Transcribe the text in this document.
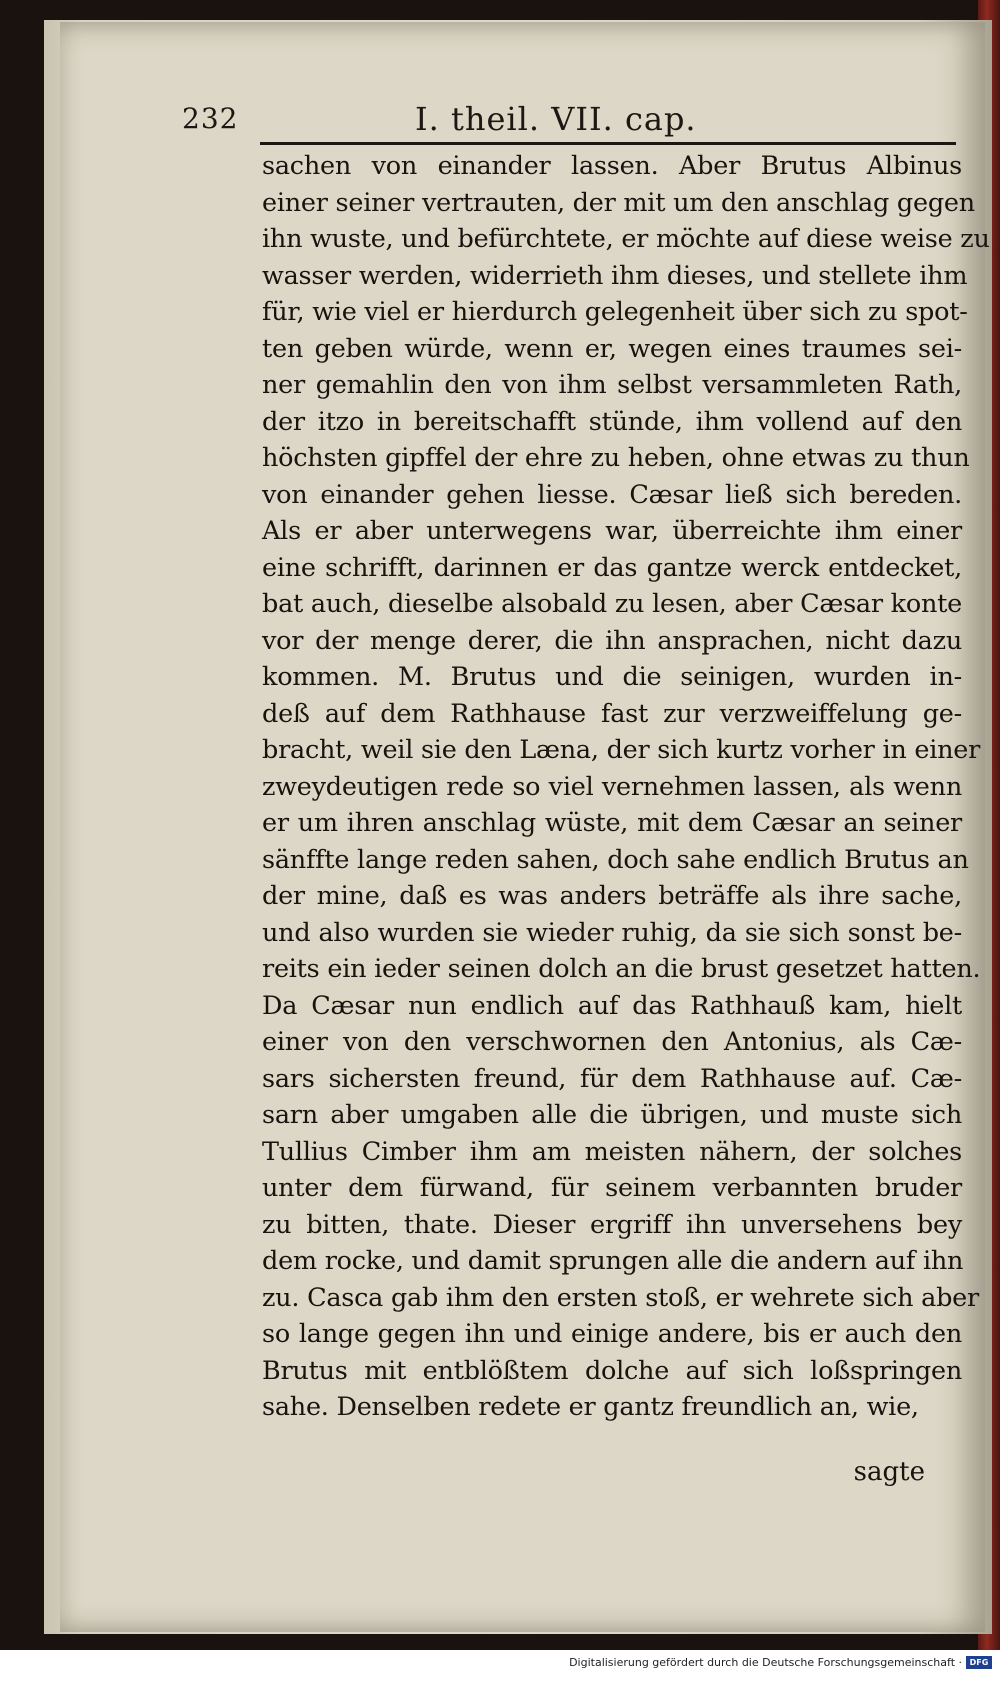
232	I. theil. VII. cap.
sachen von einander lassen. Aber Brutus Albinus
einer seiner vertrauten, der mit um den anschlag gegen
ihn wuste, und befürchtete, er möchte auf diese weise zu
wasser werden, widerrieth ihm dieses, und stellete ihm
für, wie viel er hierdurch gelegenheit über sich zu spot-
ten geben würde, wenn er, wegen eines traumes sei-
ner gemahlin den von ihm selbst versammleten Rath,
der itzo in bereitschafft stünde, ihm vollend auf den
höchsten gipffel der ehre zu heben, ohne etwas zu thun
von einander gehen liesse. Cæsar ließ sich bereden.
Als er aber unterwegens war, überreichte ihm einer
eine schrifft, darinnen er das gantze werck entdecket,
bat auch, dieselbe alsobald zu lesen, aber Cæsar konte
vor der menge derer, die ihn ansprachen, nicht dazu
kommen. M. Brutus und die seinigen, wurden in-
deß auf dem Rathhause fast zur verzweiffelung ge-
bracht, weil sie den Læna, der sich kurtz vorher in einer
zweydeutigen rede so viel vernehmen lassen, als wenn
er um ihren anschlag wüste, mit dem Cæsar an seiner
sänffte lange reden sahen, doch sahe endlich Brutus an
der mine, daß es was anders beträffe als ihre sache,
und also wurden sie wieder ruhig, da sie sich sonst be-
reits ein ieder seinen dolch an die brust gesetzet hatten.
Da Cæsar nun endlich auf das Rathhauß kam, hielt
einer von den verschwornen den Antonius, als Cæ-
sars sichersten freund, für dem Rathhause auf. Cæ-
sarn aber umgaben alle die übrigen, und muste sich
Tullius Cimber ihm am meisten nähern, der solches
unter dem fürwand, für seinem verbannten bruder
zu bitten, thate. Dieser ergriff ihn unversehens bey
dem rocke, und damit sprungen alle die andern auf ihn
zu. Casca gab ihm den ersten stoß, er wehrete sich aber
so lange gegen ihn und einige andere, bis er auch den
Brutus mit entblößtem dolche auf sich loßspringen
sahe. Denselben redete er gantz freundlich an, wie,
sagte
Digitalisierung gefördert durch die Deutsche Forschungsgemeinschaft · DFG
